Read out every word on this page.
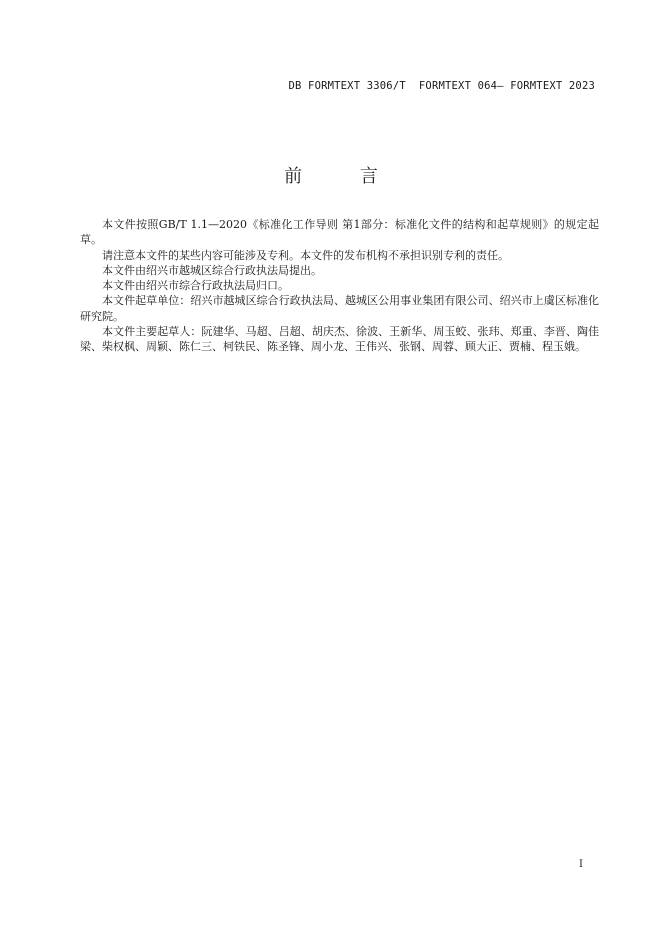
DB FORMTEXT 3306/T  FORMTEXT 064— FORMTEXT 2023
前 言

本文件按照GB/T 1.1—2020《标准化工作导则 第1部分：标准化文件的结构和起草规则》的规定起草。

请注意本文件的某些内容可能涉及专利。本文件的发布机构不承担识别专利的责任。

本文件由绍兴市越城区综合行政执法局提出。

本文件由绍兴市综合行政执法局归口。

本文件起草单位：绍兴市越城区综合行政执法局、越城区公用事业集团有限公司、绍兴市上虞区标准化研究院。

本文件主要起草人：阮建华、马超、吕超、胡庆杰、徐波、王新华、周玉蛟、张玮、郑重、李晋、陶佳梁、柴权枫、周颖、陈仁三、柯铁民、陈圣锋、周小龙、王伟兴、张钢、周蓉、顾大正、贾楠、程玉娥。

I
